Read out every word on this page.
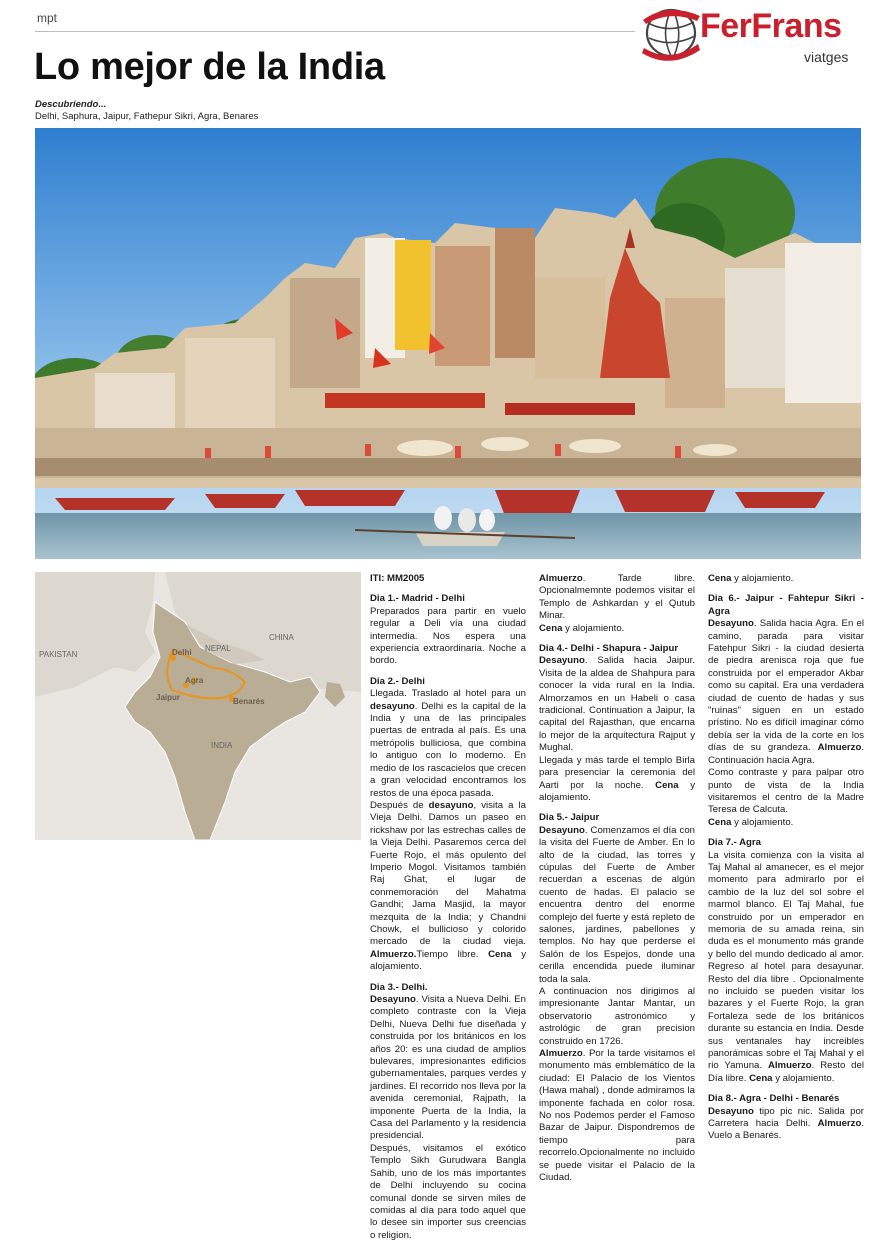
mpt	FerFrans
viatges
Lo mejor de la India
Descubriendo...
Delhi, Saphura, Jaipur, Fathepur Sikri, Agra, Benares
PAKISTAN
NEPAL
CHINA
INDIA
Delhi
Agra
Jaipur	Benarés

ITI: MM2005

Dia 1.- Madrid - Delhi

Preparados para partir en vuelo regular a Deli vía una ciudad intermedia. Nos espera una experiencia extraordinaria. Noche a bordo.

Dia 2.- Delhi

Llegada. Traslado al hotel para un desayuno. Delhi es la capital de la India y una de las principales puertas de entrada al país. Es una metrópolis bulliciosa, que combina lo antiguo con lo moderno. En medio de los rascacielos que crecen a gran velocidad encontramos los restos de una época pasada.

Después de desayuno, visita a la Vieja Delhi. Damos un paseo en rickshaw por las estrechas calles de la Vieja Delhi. Pasaremos cerca del Fuerte Rojo, el más opulento del Imperio Mogol. Visitamos también Raj Ghat, el lugar de conmemoración del Mahatma Gandhi; Jama Masjid, la mayor mezquita de la India; y Chandni Chowk, el bullicioso y colorido mercado de la ciudad vieja. Almuerzo.Tiempo libre. Cena y alojamiento.

Dia 3.- Delhi.

Desayuno. Visita a Nueva Delhi. En completo contraste con la Vieja Delhi, Nueva Delhi fue diseñada y construida por los británicos en los años 20: es una ciudad de amplios bulevares, impresionantes edificios gubernamentales, parques verdes y jardines. El recorrido nos lleva por la avenida ceremonial, Rajpath, la imponente Puerta de la India, la Casa del Parlamento y la residencia presidencial.

Después, visitamos el exótico Templo Sikh Gurudwara Bangla Sahib, uno de los más importantes de Delhi incluyendo su cocina comunal donde se sirven miles de comidas al día para todo aquel que lo desee sin importer sus creencias o religion.

Almuerzo. Tarde libre. Opcionalmemnte podemos visitar el Templo de Ashkardan y el Qutub Minar.

Cena y alojamiento.

Dia 4.- Delhi - Shapura - Jaipur

Desayuno. Salida hacia Jaipur. Visita de la aldea de Shahpura para conocer la vida rural en la India. Almorzamos en un Habeli o casa tradicional. Continuation a Jaipur, la capital del Rajasthan, que encarna lo mejor de la arquitectura Rajput y Mughal.

Llegada y más tarde el templo Birla para presenciar la ceremonia del Aarti por la noche. Cena y alojamiento.

Dia 5.- Jaipur

Desayuno. Comenzamos el día con la visita del Fuerte de Amber. En lo alto de la ciudad, las torres y cúpulas del Fuerte de Amber recuerdan a escenas de algún cuento de hadas. El palacio se encuentra dentro del enorme complejo del fuerte y está repleto de salones, jardines, pabellones y templos. No hay que perderse el Salón de los Espejos, donde una cerilla encendida puede iluminar toda la sala.

A continuacion nos dirigimos al impresionante Jantar Mantar, un observatorio astronómico y astrológic de gran precision construido en 1726.

Almuerzo. Por la tarde visitamos el monumento más emblemático de la ciudad: El Palacio de los Vientos (Hawa mahal) , donde admiramos la imponente fachada en color rosa. No nos Podemos perder el Famoso Bazar de Jaipur. Dispondremos de tiempo para recorrelo.Opcionalmente no incluido se puede visitar el Palacio de la Ciudad.

Cena y alojamiento.

Dia 6.- Jaipur - Fahtepur Sikri - Agra

Desayuno. Salida hacia Agra. En el camino, parada para visitar Fatehpur Sikri - la ciudad desierta de piedra arenisca roja que fue construida por el emperador Akbar como su capital. Era una verdadera ciudad de cuento de hadas y sus "ruinas" siguen en un estado prístino. No es difícil imaginar cómo debía ser la vida de la corte en los días de su grandeza. Almuerzo. Continuación hacia Agra.

Como contraste y para palpar otro punto de vista de la India visitaremos el centro de la Madre Teresa de Calcuta.

Cena y alojamiento.

Dia 7.- Agra

La visita comienza con la visita al Taj Mahal al amanecer, es el mejor momento para admirarlo por el cambio de la luz del sol sobre el marmol blanco. El Taj Mahal, fue construido por un emperador en memoria de su amada reina, sin duda es el monumento más grande y bello del mundo dedicado al amor. Regreso al hotel para desayunar. Resto del día libre . Opcionalmente no incluido se pueden visitar los bazares y el Fuerte Rojo, la gran Fortaleza sede de los británicos durante su estancia en India. Desde sus ventanales hay increibles panorámicas sobre el Taj Mahal y el rio Yamuna. Almuerzo. Resto del Día libre. Cena y alojamiento.

Dia 8.- Agra - Delhi - Benarés

Desayuno tipo pic nic. Salida por Carretera hacia Delhi. Almuerzo. Vuelo a Benarés.
